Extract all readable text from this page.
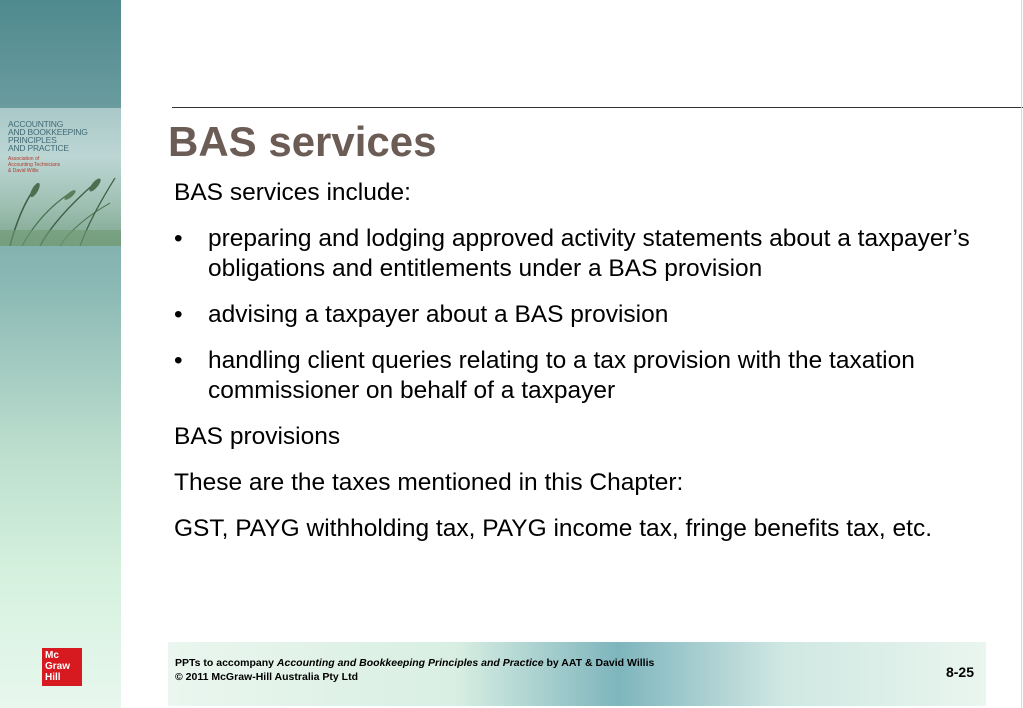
ACCOUNTING
AND BOOKKEEPING
PRINCIPLES
AND PRACTICE
Association of
Accounting Technicians
& David Willis
Mc
Graw
Hill
BAS services

BAS services include:

• preparing and lodging approved activity statements about a taxpayer’s obligations and entitlements under a BAS provision
• advising a taxpayer about a BAS provision
• handling client queries relating to a tax provision with the taxation commissioner on behalf of a taxpayer

BAS provisions

These are the taxes mentioned in this Chapter:

GST, PAYG withholding tax, PAYG income tax, fringe benefits tax, etc.

PPTs to accompany Accounting and Bookkeeping Principles and Practice by AAT & David Willis
© 2011 McGraw-Hill Australia Pty Ltd	8-25
